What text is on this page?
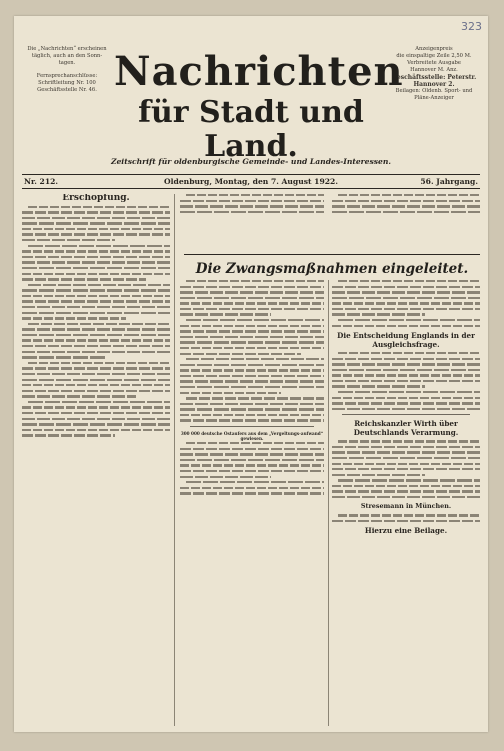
323
Die „Nachrichten“ erscheinen
täglich, auch an den Sonn-
tagen.
Fernsprechanschlüsse:
Schriftleitung Nr. 100
Geschäftsstelle Nr. 46.
Anzeigenpreis
die einspaltige Zeile 2,50 M.
Verbreitete Ausgabe
Hannover M. Anz.
Geschäftsstelle: Peterstr.
Hannover 2.
Beilagen: Oldenb. Sport- und
Pläne-Anzeiger
Nachrichten
für Stadt und Land.
Zeitschrift für oldenburgische Gemeinde- und Landes-Interessen.
Nr. 212.	Oldenburg, Montag, den 7. August 1922.	56. Jahrgang.
Erschöpfung.
Die Zwangsmaßnahmen eingeleitet.
300 000 deutsche Ostaufers aus dem „Vergeltungs-aufwand“ gewiesen.
Die Entscheidung Englands in der Ausgleichsfrage.
Reichskanzler Wirth über Deutschlands Verarmung.
Stresemann in München.
Hierzu eine Beilage.
